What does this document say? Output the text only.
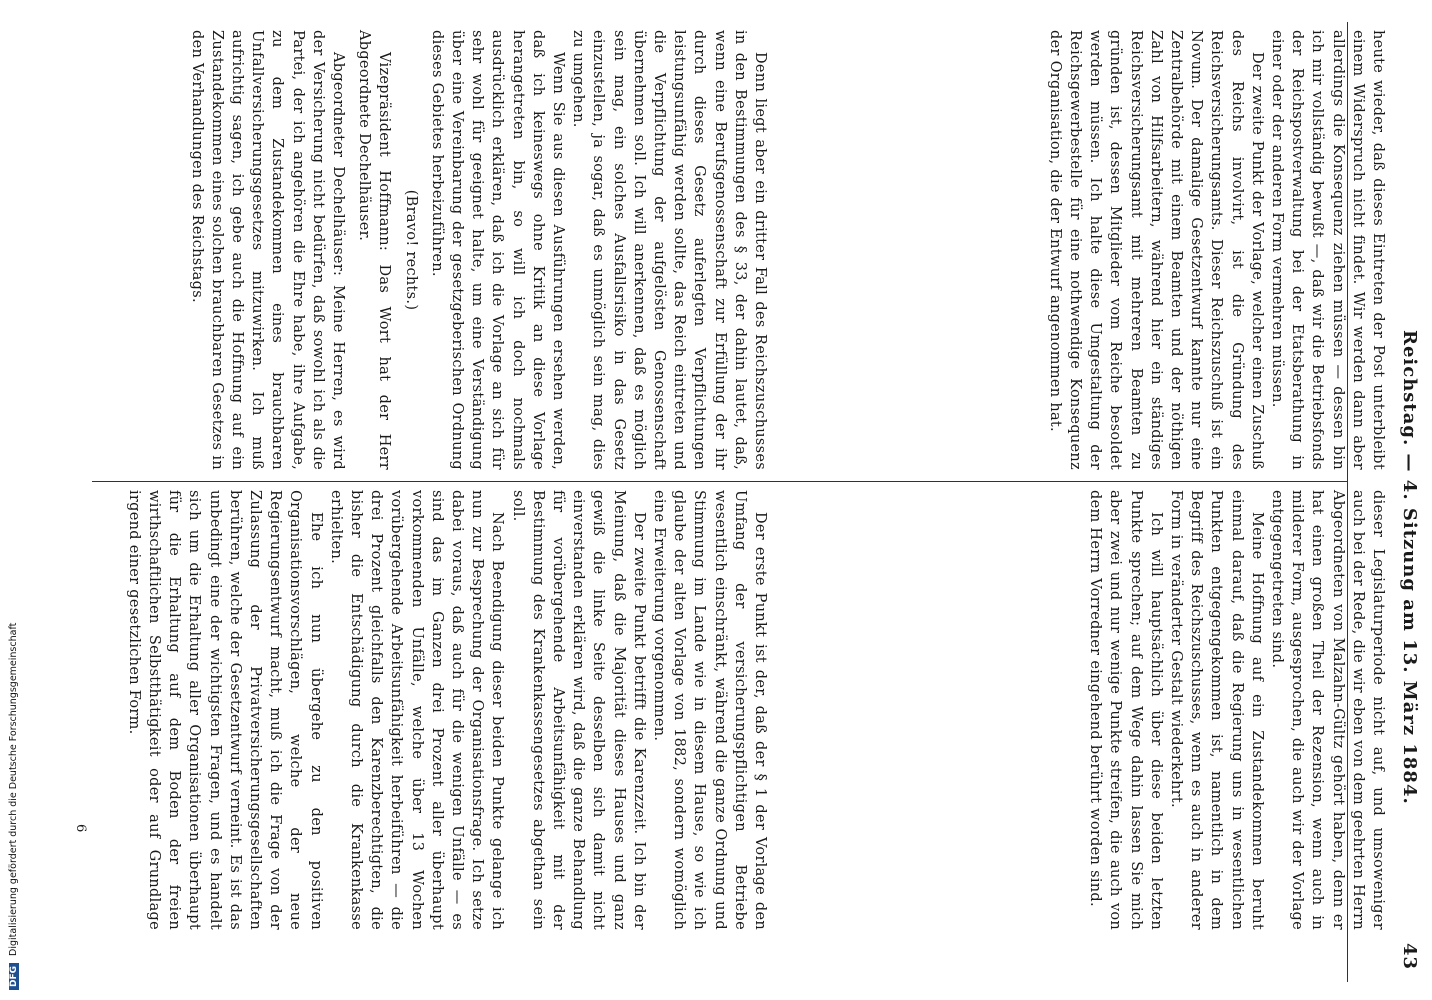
Reichstag. — 4. Sitzung am 13. März 1884.
43

heute wieder, daß dieses Eintreten der Post unterbleibt einem Widerspruch nicht findet. Wir werden dann aber allerdings die Konsequenz ziehen müssen — dessen bin ich mir vollständig bewußt —, daß wir die Betriebsfonds der Reichspostverwaltung bei der Etatsberathung in einer oder der anderen Form vermehren müssen.

Der zweite Punkt der Vorlage, welcher einen Zuschuß des Reichs involvirt, ist die Gründung des Reichsversicherungsamts. Dieser Reichszuschuß ist ein Novum. Der damalige Gesetzentwurf kannte nur eine Zentralbehörde mit einem Beamten und der nöthigen Zahl von Hilfsarbeitern, während hier ein ständiges Reichsversicherungsamt mit mehreren Beamten zu gründen ist, dessen Mitglieder vom Reiche besoldet werden müssen. Ich halte diese Umgestaltung der Reichsgewerbestelle für eine nothwendige Konsequenz der Organisation, die der Entwurf angenommen hat.

Denn liegt aber ein dritter Fall des Reichszuschusses in den Bestimmungen des § 33, der dahin lautet, daß, wenn eine Berufsgenossenschaft zur Erfüllung der ihr durch dieses Gesetz auferlegten Verpflichtungen leistungsunfähig werden sollte, das Reich eintreten und die Verpflichtung der aufgelösten Genossenschaft übernehmen soll. Ich will anerkennen, daß es möglich sein mag, ein solches Ausfallsrisiko in das Gesetz einzustellen, ja sogar, daß es unmöglich sein mag, dies zu umgehen.

Wenn Sie aus diesen Ausführungen ersehen werden, daß ich keineswegs ohne Kritik an diese Vorlage herangetreten bin, so will ich doch nochmals ausdrücklich erklären, daß ich die Vorlage an sich für sehr wohl für geeignet halte, um eine Verständigung über eine Vereinbarung der gesetzgeberischen Ordnung dieses Gebietes herbeizuführen.

(Bravo! rechts.)

Vizepräsident Hoffmann: Das Wort hat der Herr Abgeordnete Dechelhäuser.

Abgeordneter Dechelhäuser: Meine Herren, es wird der Versicherung nicht bedürfen, daß sowohl ich als die Partei, der ich angehören die Ehre habe, ihre Aufgabe, zu dem Zustandekommen eines brauchbaren Unfallversicherungsgesetzes mitzuwirken. Ich muß aufrichtig sagen, ich gebe auch die Hoffnung auf ein Zustandekommen eines solchen brauchbaren Gesetzes in den Verhandlungen des Reichstags.

dieser Legislaturperiode nicht auf, und umsoweniger auch bei der Rede, die wir eben von dem geehrten Herrn Abgeordneten von Malzahn-Gültz gehört haben, denn er hat einen großen Theil der Rezension, wenn auch in milderer Form, ausgesprochen, die auch wir der Vorlage entgegengetreten sind.

Meine Hoffnung auf ein Zustandekommen beruht einmal darauf, daß die Regierung uns in wesentlichen Punkten entgegengekommen ist, namentlich in dem Begriff des Reichszuschusses, wenn es auch in anderer Form in veränderter Gestalt wiederkehrt.

Ich will hauptsächlich über diese beiden letzten Punkte sprechen; auf dem Wege dahin lassen Sie mich aber zwei und nur wenige Punkte streifen, die auch von dem Herrn Vorredner eingehend berührt worden sind.

Der erste Punkt ist der, daß der § 1 der Vorlage den Umfang der versicherungspflichtigen Betriebe wesentlich einschränkt, während die ganze Ordnung und Stimmung im Lande wie in diesem Hause, so wie ich glaube der alten Vorlage von 1882, sondern womöglich eine Erweiterung vorgenommen.

Der zweite Punkt betrifft die Karenzzeit. Ich bin der Meinung, daß die Majorität dieses Hauses und ganz gewiß die linke Seite desselben sich damit nicht einverstanden erklären wird, daß die ganze Behandlung für vorübergehende Arbeitsunfähigkeit mit der Bestimmung des Krankenkassengesetzes abgethan sein soll.

Nach Beendigung dieser beiden Punkte gelange ich nun zur Besprechung der Organisationsfrage. Ich setze dabei voraus, daß auch für die wenigen Unfälle — es sind das im Ganzen drei Prozent aller überhaupt vorkommenden Unfälle, welche über 13 Wochen vorübergehende Arbeitsunfähigkeit herbeiführen — die drei Prozent gleichfalls den Karenzberechtigten, die bisher die Entschädigung durch die Krankenkasse erhielten.

Ehe ich nun übergehe zu den positiven Organisationsvorschlägen, welche der neue Regierungsentwurf macht, muß ich die Frage von der Zulassung der Privatversicherungsgesellschaften berühren, welche der Gesetzentwurf verneint. Es ist das unbedingt eine der wichtigsten Fragen, und es handelt sich um die Erhaltung aller Organisationen überhaupt für die Erhaltung auf dem Boden der freien wirthschaftlichen Selbstthätigkeit oder auf Grundlage irgend einer gesetzlichen Form.

6
DFG Digitalisierung gefördert durch die Deutsche Forschungsgemeinschaft
